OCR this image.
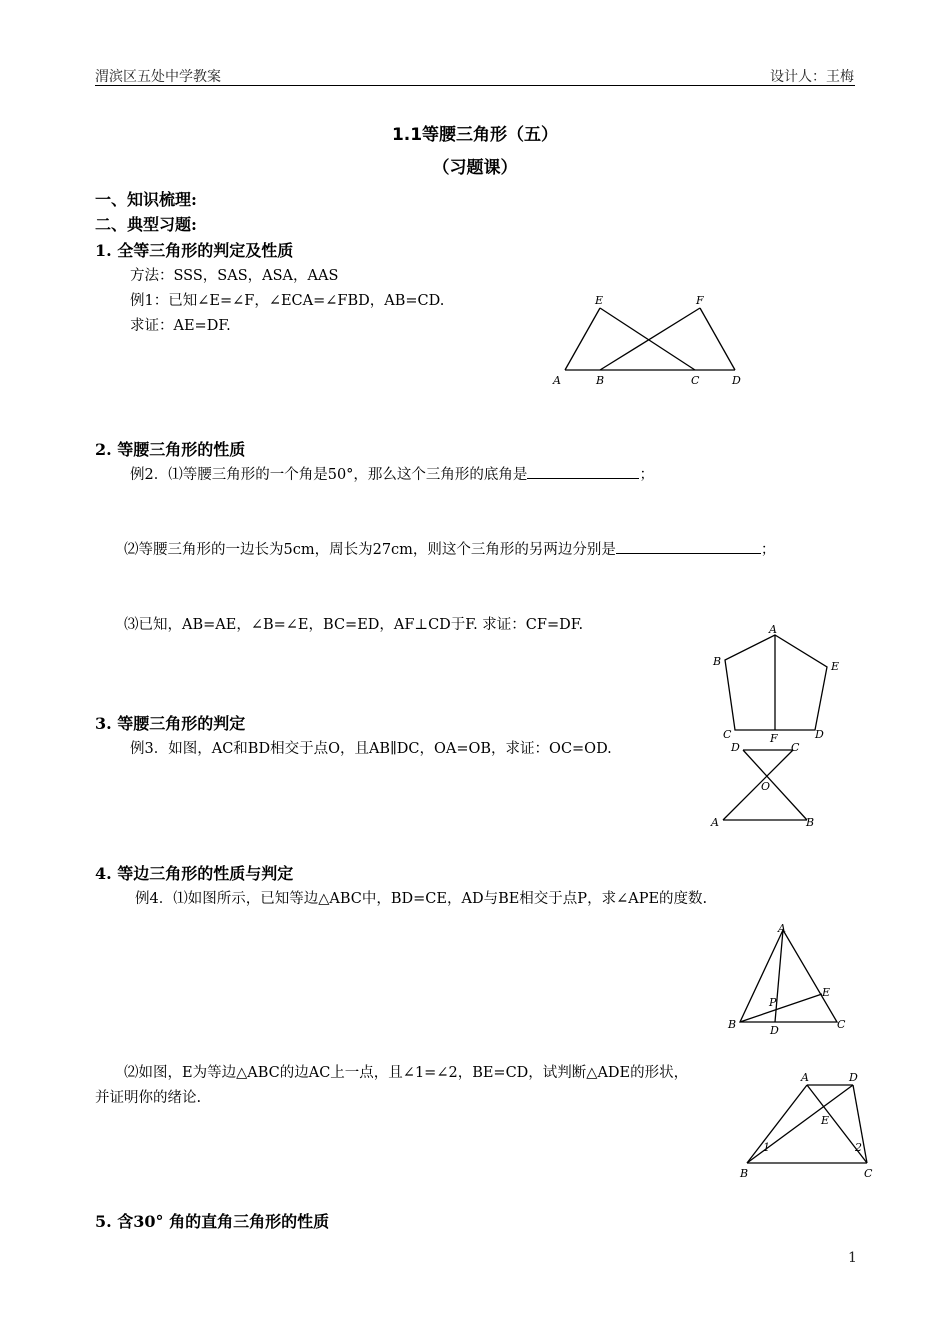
渭滨区五处中学教案	设计人：王梅
1.1等腰三角形（五）
（习题课）
一、知识梳理:
二、典型习题:
1. 全等三角形的判定及性质
方法：SSS，SAS，ASA，AAS
例1：已知∠E=∠F，∠ECA=∠FBD，AB=CD.
求证：AE=DF.
E	F
A	B	C	D
2. 等腰三角形的性质
例2．⑴等腰三角形的一个角是50°，那么这个三角形的底角是	；
⑵等腰三角形的一边长为5cm，周长为27cm，则这个三角形的另两边分别是	；
⑶已知，AB=AE，∠B=∠E，BC=ED，AF⊥CD于F. 求证：CF=DF.	A
B	E
C	F	D
3. 等腰三角形的判定
例3．如图，AC和BD相交于点O，且AB∥DC，OA=OB，求证：OC=OD.	D	C
O
A	B
4. 等边三角形的性质与判定
例4．⑴如图所示，已知等边△ABC中，BD=CE，AD与BE相交于点P，求∠APE的度数.
A
P
E
B	D	C
⑵如图，E为等边△ABC的边AC上一点，且∠1=∠2，BE=CD，试判断△ADE的形状，
并证明你的绪论.
A	D
E
1	2
B	C
5. 含30° 角的直角三角形的性质
1
